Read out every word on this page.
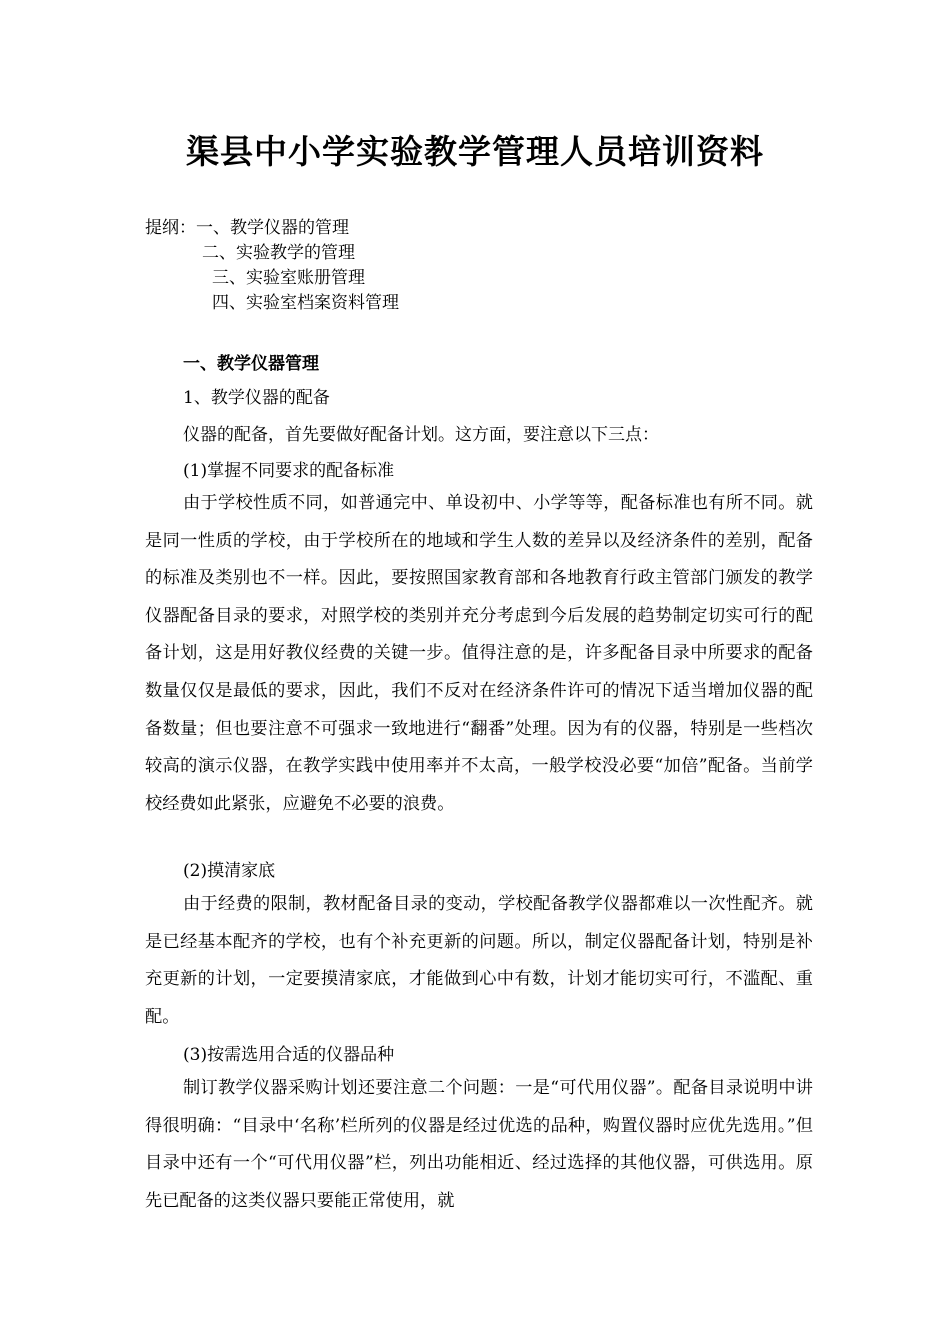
渠县中小学实验教学管理人员培训资料

提纲：一、教学仪器的管理

二、实验教学的管理

三、实验室账册管理

四、实验室档案资料管理

一、教学仪器管理

1、教学仪器的配备

仪器的配备，首先要做好配备计划。这方面，要注意以下三点：

(1)掌握不同要求的配备标准

由于学校性质不同，如普通完中、单设初中、小学等等，配备标准也有所不同。就是同一性质的学校，由于学校所在的地域和学生人数的差异以及经济条件的差别，配备的标准及类别也不一样。因此，要按照国家教育部和各地教育行政主管部门颁发的教学仪器配备目录的要求，对照学校的类别并充分考虑到今后发展的趋势制定切实可行的配备计划，这是用好教仪经费的关键一步。值得注意的是，许多配备目录中所要求的配备数量仅仅是最低的要求，因此，我们不反对在经济条件许可的情况下适当增加仪器的配备数量；但也要注意不可强求一致地进行“翻番”处理。因为有的仪器，特别是一些档次较高的演示仪器，在教学实践中使用率并不太高，一般学校没必要“加倍”配备。当前学校经费如此紧张，应避免不必要的浪费。

(2)摸清家底

由于经费的限制，教材配备目录的变动，学校配备教学仪器都难以一次性配齐。就是已经基本配齐的学校，也有个补充更新的问题。所以，制定仪器配备计划，特别是补充更新的计划，一定要摸清家底，才能做到心中有数，计划才能切实可行，不滥配、重配。

(3)按需选用合适的仪器品种

制订教学仪器采购计划还要注意二个问题：一是“可代用仪器”。配备目录说明中讲得很明确：“目录中‘名称’栏所列的仪器是经过优选的品种，购置仪器时应优先选用。”但目录中还有一个“可代用仪器”栏，列出功能相近、经过选择的其他仪器，可供选用。原先已配备的这类仪器只要能正常使用，就
